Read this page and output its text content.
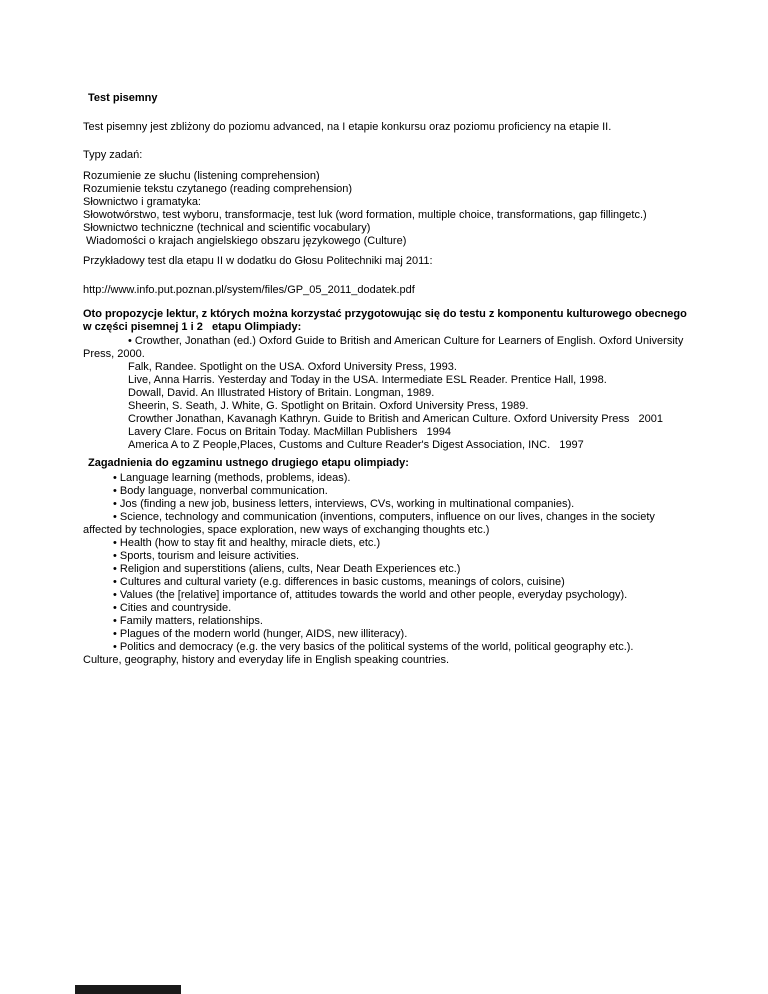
Test pisemny
Test pisemny jest zbliżony do poziomu advanced, na I etapie konkursu oraz poziomu proficiency na etapie II.
Typy zadań:
Rozumienie ze słuchu (listening comprehension)
Rozumienie tekstu czytanego (reading comprehension)
Słownictwo i gramatyka:
Słowotwórstwo, test wyboru, transformacje, test luk (word formation, multiple choice, transformations, gap fillingetc.)
Słownictwo techniczne (technical and scientific vocabulary)
Wiadomości o krajach angielskiego obszaru językowego (Culture)
Przykładowy test dla etapu II w dodatku do Głosu Politechniki maj 2011:
http://www.info.put.poznan.pl/system/files/GP_05_2011_dodatek.pdf
Oto propozycje lektur, z których można korzystać przygotowując się do testu z komponentu kulturowego obecnego w części pisemnej 1 i 2   etapu Olimpiady:
• Crowther, Jonathan (ed.) Oxford Guide to British and American Culture for Learners of English. Oxford University Press, 2000.
Falk, Randee. Spotlight on the USA. Oxford University Press, 1993.
Live, Anna Harris. Yesterday and Today in the USA. Intermediate ESL Reader. Prentice Hall, 1998.
Dowall, David. An Illustrated History of Britain. Longman, 1989.
Sheerin, S. Seath, J. White, G. Spotlight on Britain. Oxford University Press, 1989.
Crowther Jonathan, Kavanagh Kathryn. Guide to British and American Culture. Oxford University Press   2001
Lavery Clare. Focus on Britain Today. MacMillan Publishers   1994
America A to Z People,Places, Customs and Culture Reader's Digest Association, INC.   1997
Zagadnienia do egzaminu ustnego drugiego etapu olimpiady:
• Language learning (methods, problems, ideas).
• Body language, nonverbal communication.
• Jos (finding a new job, business letters, interviews, CVs, working in multinational companies).
• Science, technology and communication (inventions, computers, influence on our lives, changes in the society affected by technologies, space exploration, new ways of exchanging thoughts etc.)
• Health (how to stay fit and healthy, miracle diets, etc.)
• Sports, tourism and leisure activities.
• Religion and superstitions (aliens, cults, Near Death Experiences etc.)
• Cultures and cultural variety (e.g. differences in basic customs, meanings of colors, cuisine)
• Values (the [relative] importance of, attitudes towards the world and other people, everyday psychology).
• Cities and countryside.
• Family matters, relationships.
• Plagues of the modern world (hunger, AIDS, new illiteracy).
• Politics and democracy (e.g. the very basics of the political systems of the world, political geography etc.).
Culture, geography, history and everyday life in English speaking countries.
